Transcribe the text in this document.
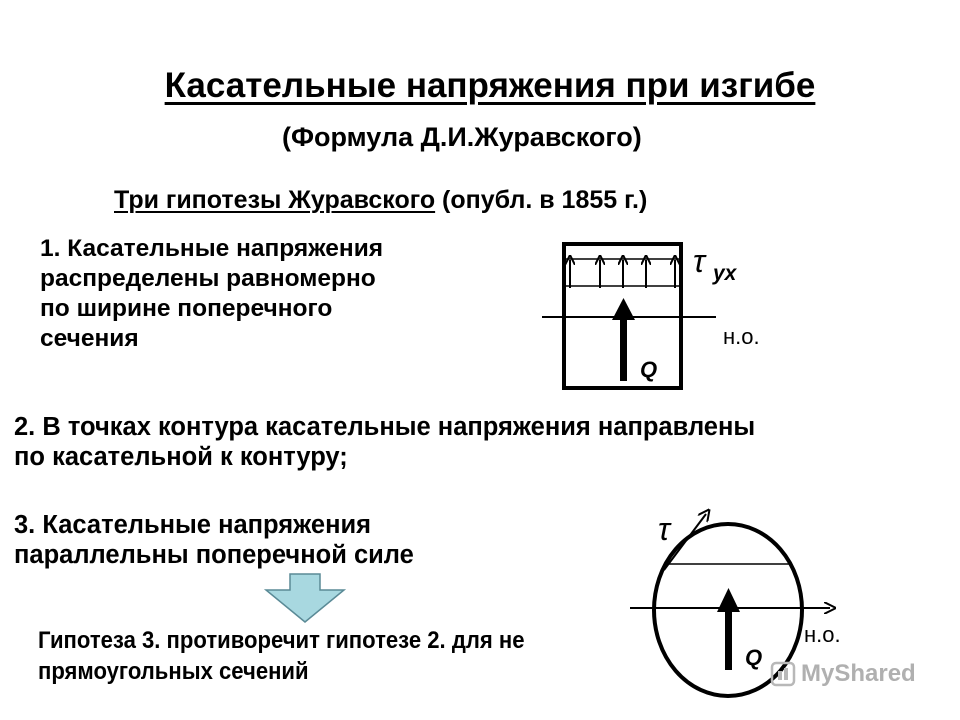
Касательные напряжения при изгибе
(Формула Д.И.Журавского)
Три гипотезы Журавского (опубл. в 1855 г.)
1. Касательные напряжения
распределены равномерно
по ширине поперечного
сечения
2. В точках контура касательные напряжения направлены
по касательной к контуру;
3. Касательные напряжения
параллельны поперечной силе
Гипотеза 3. противоречит гипотезе 2. для не
прямоугольных сечений
Q
τ yx
н.о.
τ
Q
н.о.
MyShared
